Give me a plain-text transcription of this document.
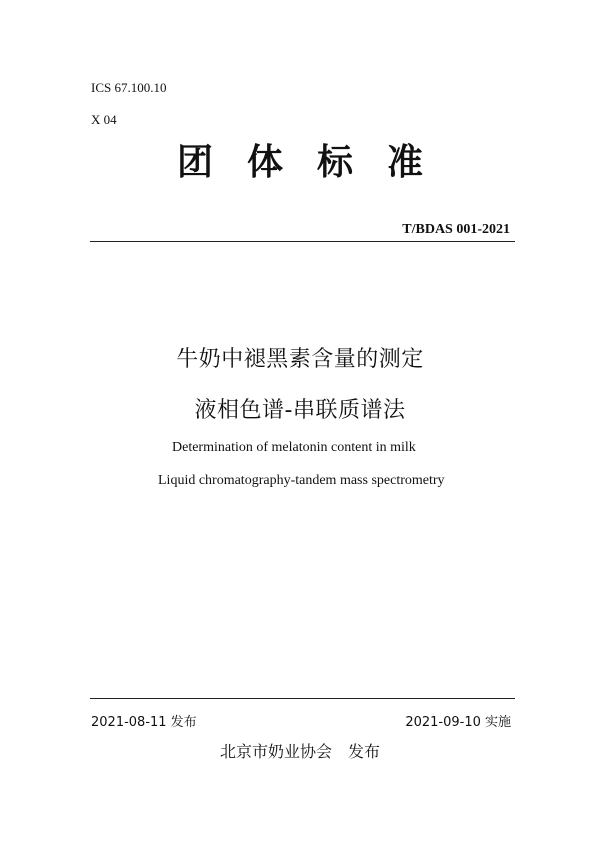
ICS 67.100.10
X 04
团体标准
T/BDAS 001-2021
牛奶中褪黑素含量的测定
液相色谱-串联质谱法
Determination of melatonin content in milk
Liquid chromatography-tandem mass spectrometry
2021-08-11 发布	2021-09-10 实施
北京市奶业协会 发布
